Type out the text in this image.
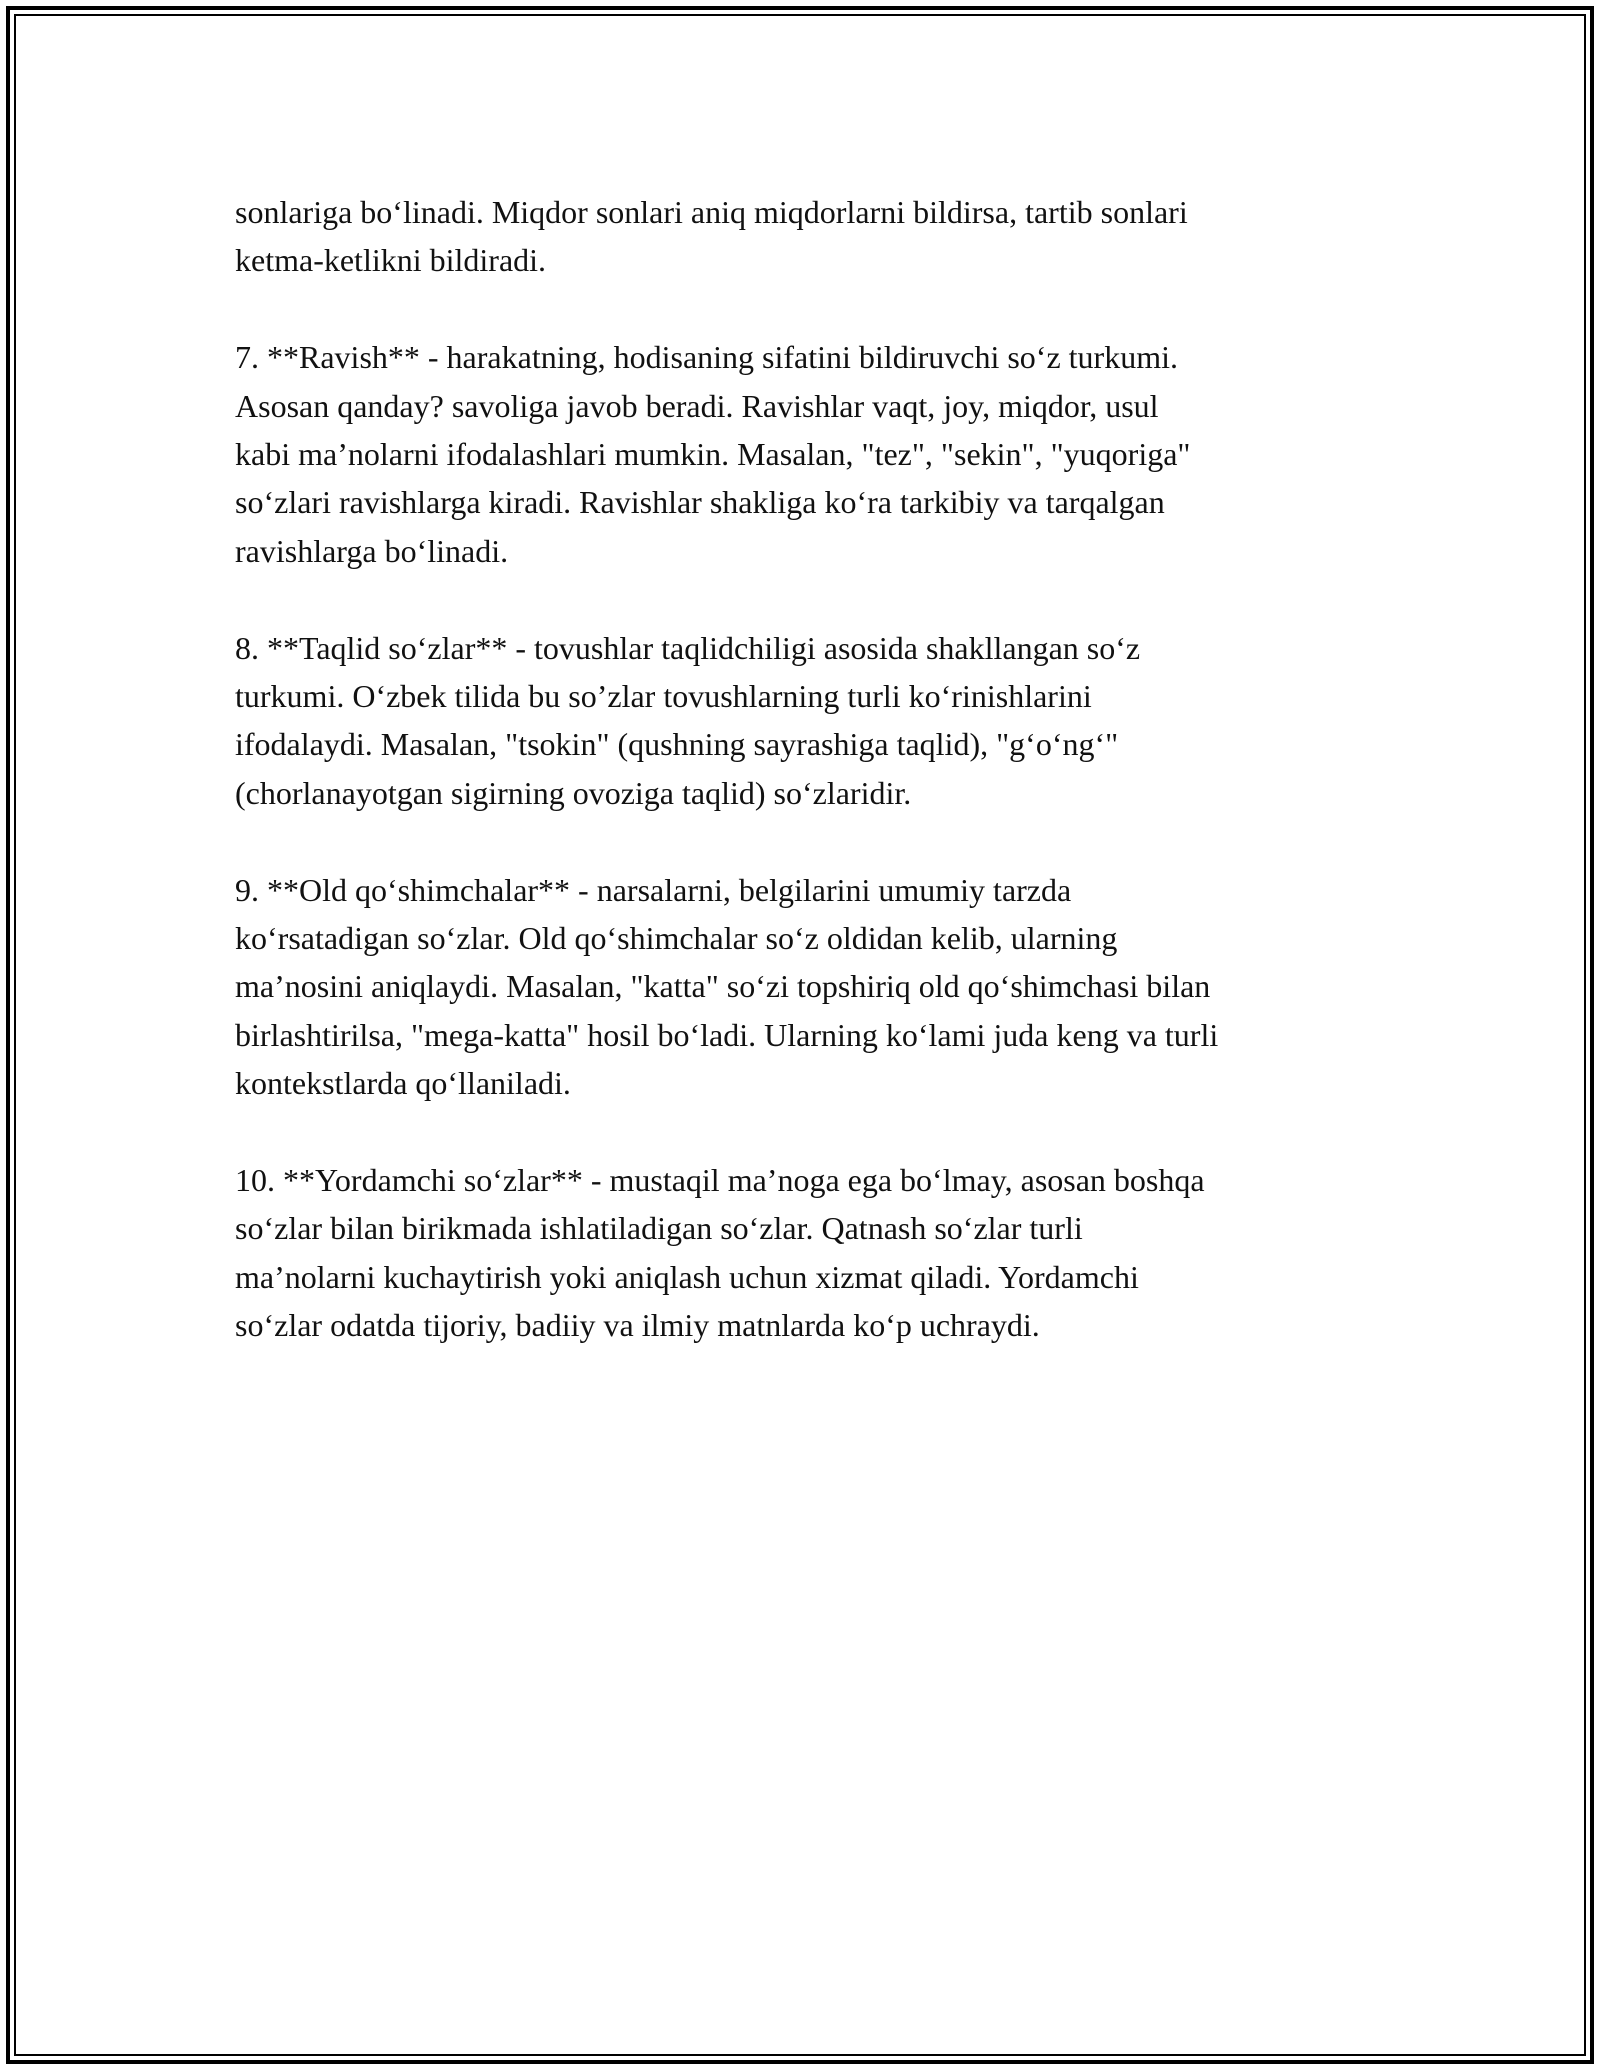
sonlariga bo‘linadi. Miqdor sonlari aniq miqdorlarni bildirsa, tartib sonlari
ketma-ketlikni bildiradi.

7. **Ravish** - harakatning, hodisaning sifatini bildiruvchi so‘z turkumi.
Asosan qanday? savoliga javob beradi. Ravishlar vaqt, joy, miqdor, usul
kabi ma’nolarni ifodalashlari mumkin. Masalan, "tez", "sekin", "yuqoriga"
so‘zlari ravishlarga kiradi. Ravishlar shakliga ko‘ra tarkibiy va tarqalgan
ravishlarga bo‘linadi.

8. **Taqlid so‘zlar** - tovushlar taqlidchiligi asosida shakllangan so‘z
turkumi. O‘zbek tilida bu so’zlar tovushlarning turli ko‘rinishlarini
ifodalaydi. Masalan, "tsokin" (qushning sayrashiga taqlid), "g‘o‘ng‘"
(chorlanayotgan sigirning ovoziga taqlid) so‘zlaridir.

9. **Old qo‘shimchalar** - narsalarni, belgilarini umumiy tarzda
ko‘rsatadigan so‘zlar. Old qo‘shimchalar so‘z oldidan kelib, ularning
ma’nosini aniqlaydi. Masalan, "katta" so‘zi topshiriq old qo‘shimchasi bilan
birlashtirilsa, "mega-katta" hosil bo‘ladi. Ularning ko‘lami juda keng va turli
kontekstlarda qo‘llaniladi.

10. **Yordamchi so‘zlar** - mustaqil ma’noga ega bo‘lmay, asosan boshqa
so‘zlar bilan birikmada ishlatiladigan so‘zlar. Qatnash so‘zlar turli
ma’nolarni kuchaytirish yoki aniqlash uchun xizmat qiladi. Yordamchi
so‘zlar odatda tijoriy, badiiy va ilmiy matnlarda ko‘p uchraydi.
